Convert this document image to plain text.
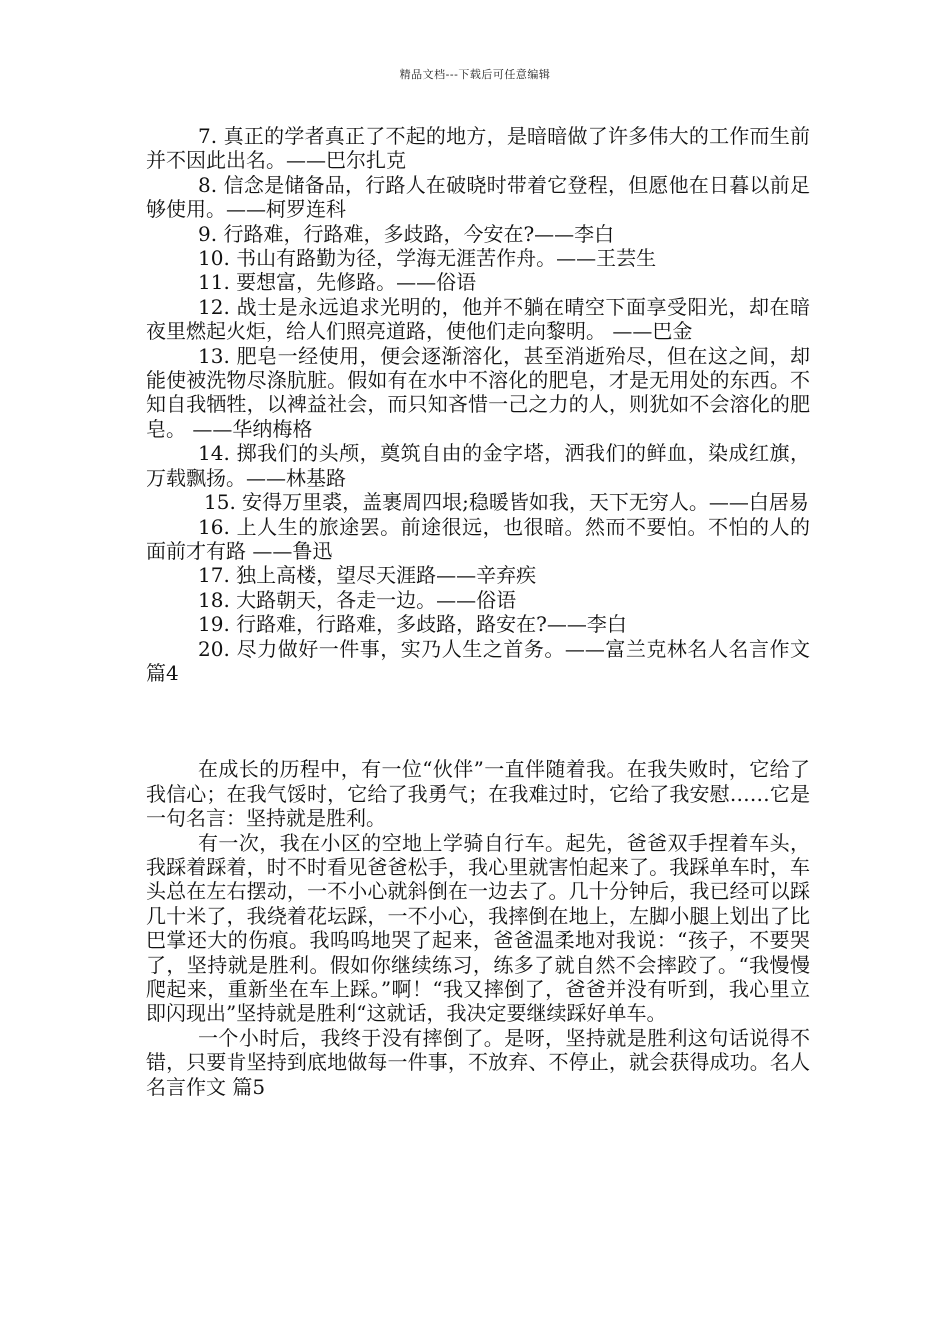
精品文档---下载后可任意编辑

7. 真正的学者真正了不起的地方，是暗暗做了许多伟大的工作而生前并不因此出名。——巴尔扎克

8. 信念是储备品，行路人在破晓时带着它登程，但愿他在日暮以前足够使用。——柯罗连科

9. 行路难，行路难，多歧路，今安在?——李白

10. 书山有路勤为径，学海无涯苦作舟。——王芸生

11. 要想富，先修路。——俗语

12. 战士是永远追求光明的，他并不躺在晴空下面享受阳光，却在暗夜里燃起火炬，给人们照亮道路，使他们走向黎明。 ——巴金

13. 肥皂一经使用，便会逐渐溶化，甚至消逝殆尽，但在这之间，却能使被洗物尽涤肮脏。假如有在水中不溶化的肥皂，才是无用处的东西。不知自我牺牲，以裨益社会，而只知吝惜一己之力的人，则犹如不会溶化的肥皂。 ——华纳梅格

14. 掷我们的头颅，奠筑自由的金字塔，洒我们的鲜血，染成红旗，万载飘扬。——林基路

15. 安得万里裘，盖裹周四垠;稳暖皆如我，天下无穷人。——白居易

16. 上人生的旅途罢。前途很远，也很暗。然而不要怕。不怕的人的面前才有路 ——鲁迅

17. 独上高楼，望尽天涯路——辛弃疾

18. 大路朝天，各走一边。——俗语

19. 行路难，行路难，多歧路，路安在?——李白

20. 尽力做好一件事，实乃人生之首务。——富兰克林名人名言作文 篇4

在成长的历程中，有一位“伙伴”一直伴随着我。在我失败时，它给了我信心；在我气馁时，它给了我勇气；在我难过时，它给了我安慰……它是一句名言：坚持就是胜利。

有一次，我在小区的空地上学骑自行车。起先，爸爸双手捏着车头，我踩着踩着，时不时看见爸爸松手，我心里就害怕起来了。我踩单车时，车头总在左右摆动，一不小心就斜倒在一边去了。几十分钟后，我已经可以踩几十米了，我绕着花坛踩，一不小心，我摔倒在地上，左脚小腿上划出了比巴掌还大的伤痕。我呜呜地哭了起来，爸爸温柔地对我说：“孩子，不要哭了，坚持就是胜利。假如你继续练习，练多了就自然不会摔跤了。“我慢慢爬起来，重新坐在车上踩。”啊！“我又摔倒了，爸爸并没有听到，我心里立即闪现出”坚持就是胜利“这就话，我决定要继续踩好单车。

一个小时后，我终于没有摔倒了。是呀，坚持就是胜利这句话说得不错，只要肯坚持到底地做每一件事，不放弃、不停止，就会获得成功。名人名言作文 篇5
